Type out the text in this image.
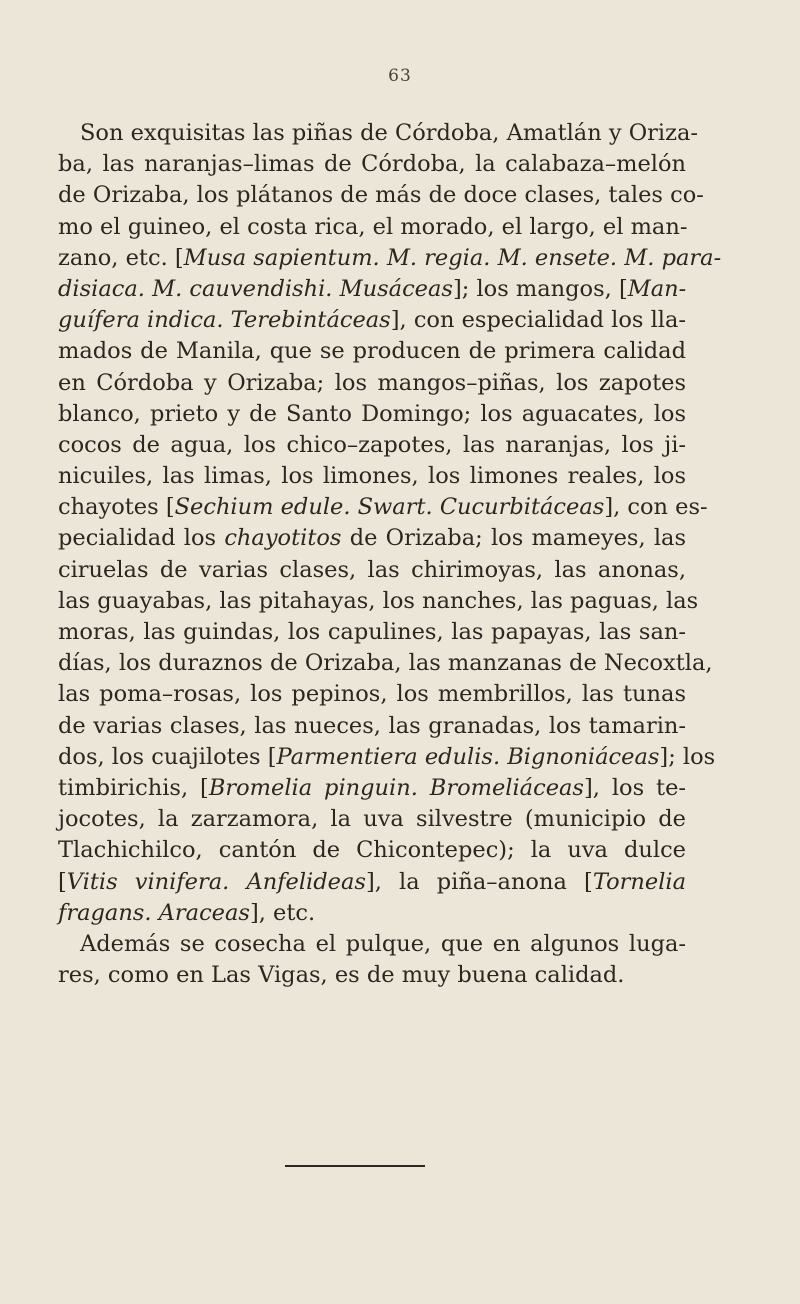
63
Son exquisitas las piñas de Córdoba, Amatlán y Oriza-
ba, las naranjas–limas de Córdoba, la calabaza–melón
de Orizaba, los plátanos de más de doce clases, tales co-
mo el guineo, el costa rica, el morado, el largo, el man-
zano, etc. [Musa sapientum. M. regia. M. ensete. M. para-
disiaca. M. cauvendishi. Musáceas]; los mangos, [Man-
guífera indica. Terebintáceas], con especialidad los lla-
mados de Manila, que se producen de primera calidad
en Córdoba y Orizaba; los mangos–piñas, los zapotes
blanco, prieto y de Santo Domingo; los aguacates, los
cocos de agua, los chico–zapotes, las naranjas, los ji-
nicuiles, las limas, los limones, los limones reales, los
chayotes [Sechium edule. Swart. Cucurbitáceas], con es-
pecialidad los chayotitos de Orizaba; los mameyes, las
ciruelas de varias clases, las chirimoyas, las anonas,
las guayabas, las pitahayas, los nanches, las paguas, las
moras, las guindas, los capulines, las papayas, las san-
días, los duraznos de Orizaba, las manzanas de Necoxtla,
las poma–rosas, los pepinos, los membrillos, las tunas
de varias clases, las nueces, las granadas, los tamarin-
dos, los cuajilotes [Parmentiera edulis. Bignoniáceas]; los
timbirichis, [Bromelia pinguin. Bromeliáceas], los te-
jocotes, la zarzamora, la uva silvestre (municipio de
Tlachichilco, cantón de Chicontepec); la uva dulce
[Vitis vinifera. Anfelideas], la piña–anona [Tornelia
fragans. Araceas], etc.
Además se cosecha el pulque, que en algunos luga-
res, como en Las Vigas, es de muy buena calidad.
